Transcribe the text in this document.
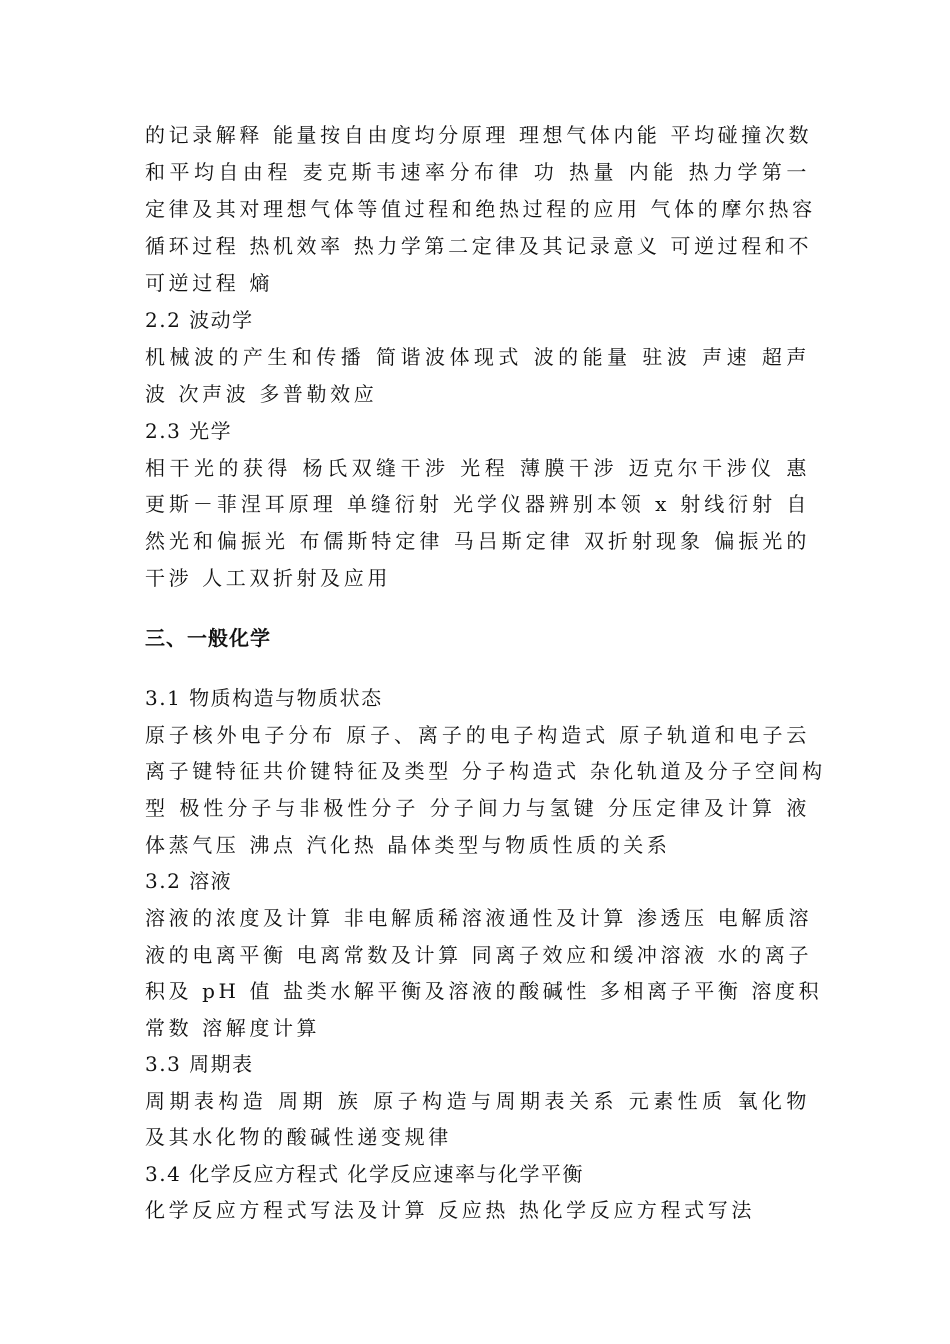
的记录解释 能量按自由度均分原理 理想气体内能 平均碰撞次数
和平均自由程 麦克斯韦速率分布律 功 热量 内能 热力学第一
定律及其对理想气体等值过程和绝热过程的应用 气体的摩尔热容
循环过程 热机效率 热力学第二定律及其记录意义 可逆过程和不
可逆过程 熵
2.2 波动学
机械波的产生和传播 简谐波体现式 波的能量 驻波 声速 超声
波 次声波 多普勒效应
2.3 光学
相干光的获得 杨氏双缝干涉 光程 薄膜干涉 迈克尔干涉仪 惠
更斯－菲涅耳原理 单缝衍射 光学仪器辨别本领 x 射线衍射 自
然光和偏振光 布儒斯特定律 马吕斯定律 双折射现象 偏振光的
干涉 人工双折射及应用
三、一般化学
3.1 物质构造与物质状态
原子核外电子分布 原子、离子的电子构造式 原子轨道和电子云
离子键特征共价键特征及类型 分子构造式 杂化轨道及分子空间构
型 极性分子与非极性分子 分子间力与氢键 分压定律及计算 液
体蒸气压 沸点 汽化热 晶体类型与物质性质的关系
3.2 溶液
溶液的浓度及计算 非电解质稀溶液通性及计算 渗透压 电解质溶
液的电离平衡 电离常数及计算 同离子效应和缓冲溶液 水的离子
积及 pH 值 盐类水解平衡及溶液的酸碱性 多相离子平衡 溶度积
常数 溶解度计算
3.3 周期表
周期表构造 周期 族 原子构造与周期表关系 元素性质 氧化物
及其水化物的酸碱性递变规律
3.4 化学反应方程式 化学反应速率与化学平衡
化学反应方程式写法及计算 反应热 热化学反应方程式写法
